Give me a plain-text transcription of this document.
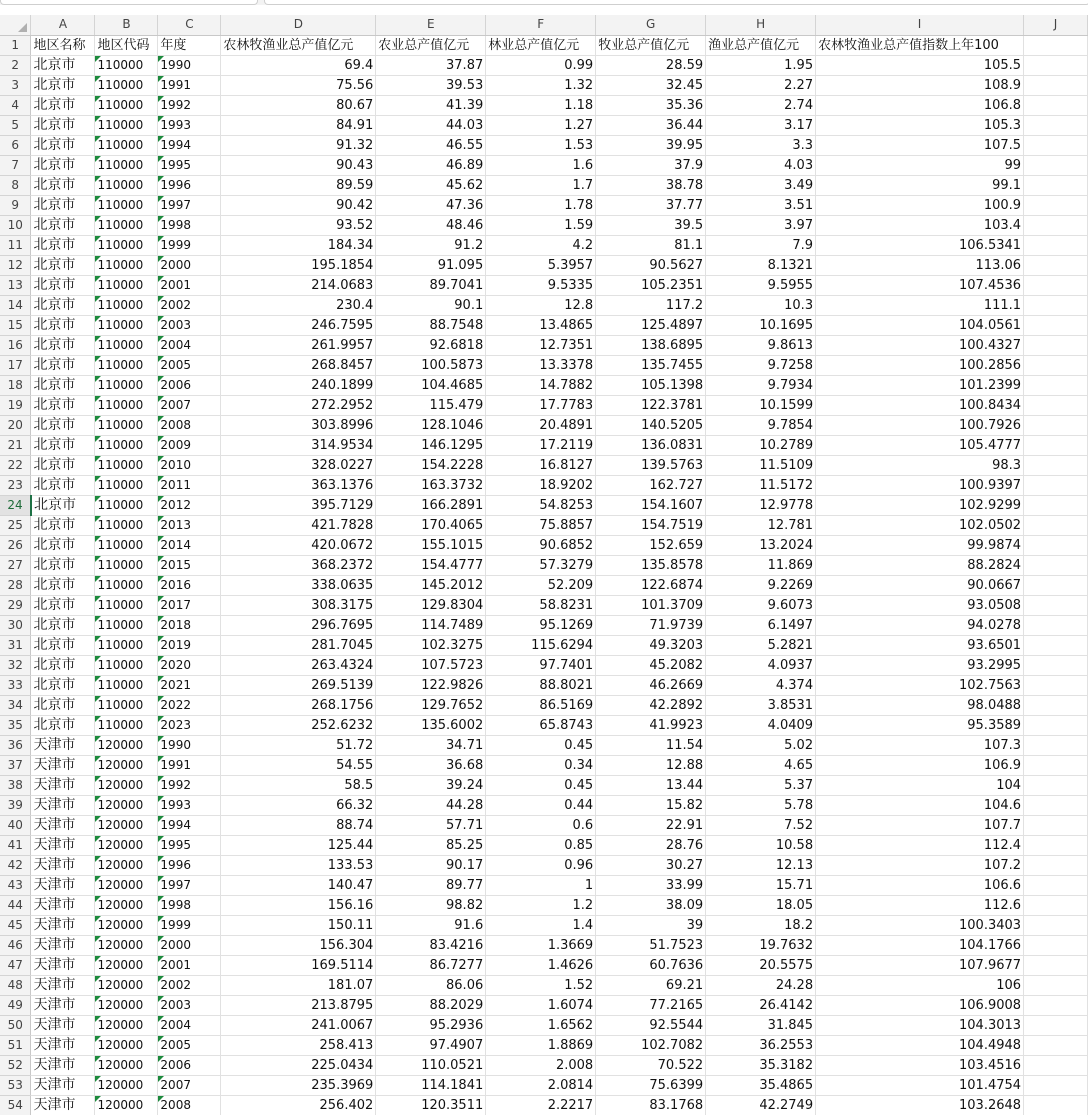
	A	B	C	D	E	F	G	H	I	J
1	地区名称	地区代码	年度	农林牧渔业总产值亿元	农业总产值亿元	林业总产值亿元	牧业总产值亿元	渔业总产值亿元	农林牧渔业总产值指数上年100	
2	北京市	110000	1990	69.4	37.87	0.99	28.59	1.95	105.5	
3	北京市	110000	1991	75.56	39.53	1.32	32.45	2.27	108.9	
4	北京市	110000	1992	80.67	41.39	1.18	35.36	2.74	106.8	
5	北京市	110000	1993	84.91	44.03	1.27	36.44	3.17	105.3	
6	北京市	110000	1994	91.32	46.55	1.53	39.95	3.3	107.5	
7	北京市	110000	1995	90.43	46.89	1.6	37.9	4.03	99	
8	北京市	110000	1996	89.59	45.62	1.7	38.78	3.49	99.1	
9	北京市	110000	1997	90.42	47.36	1.78	37.77	3.51	100.9	
10	北京市	110000	1998	93.52	48.46	1.59	39.5	3.97	103.4	
11	北京市	110000	1999	184.34	91.2	4.2	81.1	7.9	106.5341	
12	北京市	110000	2000	195.1854	91.095	5.3957	90.5627	8.1321	113.06	
13	北京市	110000	2001	214.0683	89.7041	9.5335	105.2351	9.5955	107.4536	
14	北京市	110000	2002	230.4	90.1	12.8	117.2	10.3	111.1	
15	北京市	110000	2003	246.7595	88.7548	13.4865	125.4897	10.1695	104.0561	
16	北京市	110000	2004	261.9957	92.6818	12.7351	138.6895	9.8613	100.4327	
17	北京市	110000	2005	268.8457	100.5873	13.3378	135.7455	9.7258	100.2856	
18	北京市	110000	2006	240.1899	104.4685	14.7882	105.1398	9.7934	101.2399	
19	北京市	110000	2007	272.2952	115.479	17.7783	122.3781	10.1599	100.8434	
20	北京市	110000	2008	303.8996	128.1046	20.4891	140.5205	9.7854	100.7926	
21	北京市	110000	2009	314.9534	146.1295	17.2119	136.0831	10.2789	105.4777	
22	北京市	110000	2010	328.0227	154.2228	16.8127	139.5763	11.5109	98.3	
23	北京市	110000	2011	363.1376	163.3732	18.9202	162.727	11.5172	100.9397	
24	北京市	110000	2012	395.7129	166.2891	54.8253	154.1607	12.9778	102.9299	
25	北京市	110000	2013	421.7828	170.4065	75.8857	154.7519	12.781	102.0502	
26	北京市	110000	2014	420.0672	155.1015	90.6852	152.659	13.2024	99.9874	
27	北京市	110000	2015	368.2372	154.4777	57.3279	135.8578	11.869	88.2824	
28	北京市	110000	2016	338.0635	145.2012	52.209	122.6874	9.2269	90.0667	
29	北京市	110000	2017	308.3175	129.8304	58.8231	101.3709	9.6073	93.0508	
30	北京市	110000	2018	296.7695	114.7489	95.1269	71.9739	6.1497	94.0278	
31	北京市	110000	2019	281.7045	102.3275	115.6294	49.3203	5.2821	93.6501	
32	北京市	110000	2020	263.4324	107.5723	97.7401	45.2082	4.0937	93.2995	
33	北京市	110000	2021	269.5139	122.9826	88.8021	46.2669	4.374	102.7563	
34	北京市	110000	2022	268.1756	129.7652	86.5169	42.2892	3.8531	98.0488	
35	北京市	110000	2023	252.6232	135.6002	65.8743	41.9923	4.0409	95.3589	
36	天津市	120000	1990	51.72	34.71	0.45	11.54	5.02	107.3	
37	天津市	120000	1991	54.55	36.68	0.34	12.88	4.65	106.9	
38	天津市	120000	1992	58.5	39.24	0.45	13.44	5.37	104	
39	天津市	120000	1993	66.32	44.28	0.44	15.82	5.78	104.6	
40	天津市	120000	1994	88.74	57.71	0.6	22.91	7.52	107.7	
41	天津市	120000	1995	125.44	85.25	0.85	28.76	10.58	112.4	
42	天津市	120000	1996	133.53	90.17	0.96	30.27	12.13	107.2	
43	天津市	120000	1997	140.47	89.77	1	33.99	15.71	106.6	
44	天津市	120000	1998	156.16	98.82	1.2	38.09	18.05	112.6	
45	天津市	120000	1999	150.11	91.6	1.4	39	18.2	100.3403	
46	天津市	120000	2000	156.304	83.4216	1.3669	51.7523	19.7632	104.1766	
47	天津市	120000	2001	169.5114	86.7277	1.4626	60.7636	20.5575	107.9677	
48	天津市	120000	2002	181.07	86.06	1.52	69.21	24.28	106	
49	天津市	120000	2003	213.8795	88.2029	1.6074	77.2165	26.4142	106.9008	
50	天津市	120000	2004	241.0067	95.2936	1.6562	92.5544	31.845	104.3013	
51	天津市	120000	2005	258.413	97.4907	1.8869	102.7082	36.2553	104.4948	
52	天津市	120000	2006	225.0434	110.0521	2.008	70.522	35.3182	103.4516	
53	天津市	120000	2007	235.3969	114.1841	2.0814	75.6399	35.4865	101.4754	
54	天津市	120000	2008	256.402	120.3511	2.2217	83.1768	42.2749	103.2648	
